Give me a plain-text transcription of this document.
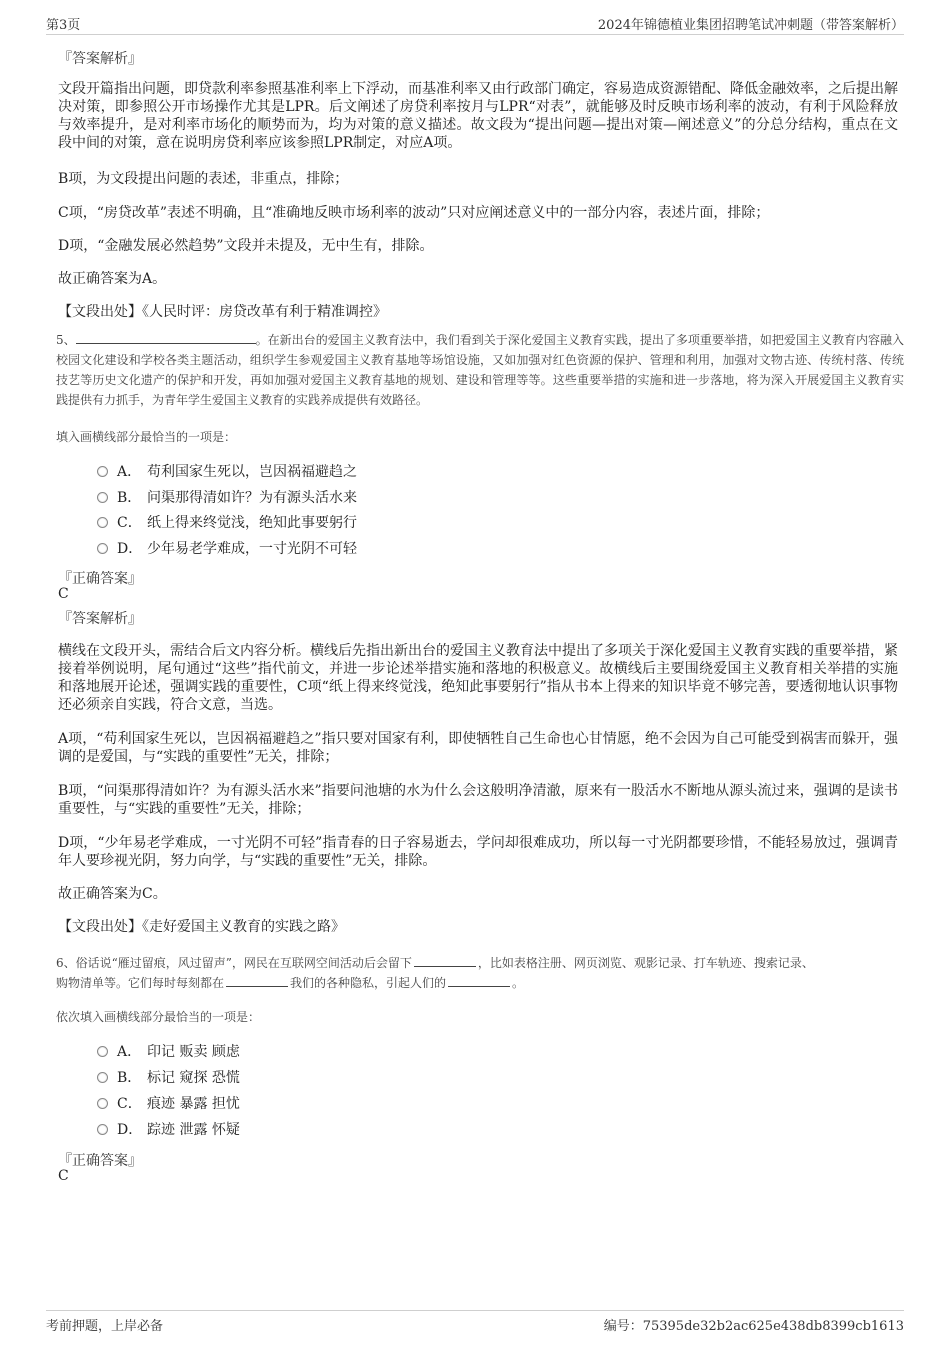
第3页	2024年锦德植业集团招聘笔试冲刺题（带答案解析）
『答案解析』
文段开篇指出问题，即贷款利率参照基准利率上下浮动，而基准利率又由行政部门确定，容易造成资源错配、降低金融效率，之后提出解决对策，即参照公开市场操作尤其是LPR。后文阐述了房贷利率按月与LPR“对表”，就能够及时反映市场利率的波动，有利于风险释放与效率提升，是对利率市场化的顺势而为，均为对策的意义描述。故文段为“提出问题—提出对策—阐述意义”的分总分结构，重点在文段中间的对策，意在说明房贷利率应该参照LPR制定，对应A项。
B项，为文段提出问题的表述，非重点，排除；
C项，“房贷改革”表述不明确，且“准确地反映市场利率的波动”只对应阐述意义中的一部分内容，表述片面，排除；
D项，“金融发展必然趋势”文段并未提及，无中生有，排除。
故正确答案为A。
【文段出处】《人民时评：房贷改革有利于精准调控》
5、	。在新出台的爱国主义教育法中，我们看到关于深化爱国主义教育实践，提出了多项重要举措，如把爱国主义教育内容融入校园文化建设和学校各类主题活动，组织学生参观爱国主义教育基地等场馆设施，又如加强对红色资源的保护、管理和利用，加强对文物古迹、传统村落、传统技艺等历史文化遗产的保护和开发，再如加强对爱国主义教育基地的规划、建设和管理等等。这些重要举措的实施和进一步落地，将为深入开展爱国主义教育实践提供有力抓手，为青年学生爱国主义教育的实践养成提供有效路径。
填入画横线部分最恰当的一项是：
A． 苟利国家生死以，岂因祸福避趋之
B． 问渠那得清如许？为有源头活水来
C． 纸上得来终觉浅，绝知此事要躬行
D． 少年易老学难成，一寸光阴不可轻
『正确答案』
C
『答案解析』
横线在文段开头，需结合后文内容分析。横线后先指出新出台的爱国主义教育法中提出了多项关于深化爱国主义教育实践的重要举措，紧接着举例说明，尾句通过“这些”指代前文，并进一步论述举措实施和落地的积极意义。故横线后主要围绕爱国主义教育相关举措的实施和落地展开论述，强调实践的重要性，C项“纸上得来终觉浅，绝知此事要躬行”指从书本上得来的知识毕竟不够完善，要透彻地认识事物还必须亲自实践，符合文意，当选。
A项，“苟利国家生死以，岂因祸福避趋之”指只要对国家有利，即使牺牲自己生命也心甘情愿，绝不会因为自己可能受到祸害而躲开，强调的是爱国，与“实践的重要性”无关，排除；
B项，“问渠那得清如许？为有源头活水来”指要问池塘的水为什么会这般明净清澈，原来有一股活水不断地从源头流过来，强调的是读书重要性，与“实践的重要性”无关，排除；
D项，“少年易老学难成，一寸光阴不可轻”指青春的日子容易逝去，学问却很难成功，所以每一寸光阴都要珍惜，不能轻易放过，强调青年人要珍视光阴，努力向学，与“实践的重要性”无关，排除。
故正确答案为C。
【文段出处】《走好爱国主义教育的实践之路》
6、俗话说“雁过留痕，风过留声”，网民在互联网空间活动后会留下	，比如表格注册、网页浏览、观影记录、打车轨迹、搜索记录、
购物清单等。它们每时每刻都在	我们的各种隐私，引起人们的	。
依次填入画横线部分最恰当的一项是：
A． 印记 贩卖 顾虑
B． 标记 窥探 恐慌
C． 痕迹 暴露 担忧
D． 踪迹 泄露 怀疑
『正确答案』
C
考前押题，上岸必备	编号：75395de32b2ac625e438db8399cb1613
